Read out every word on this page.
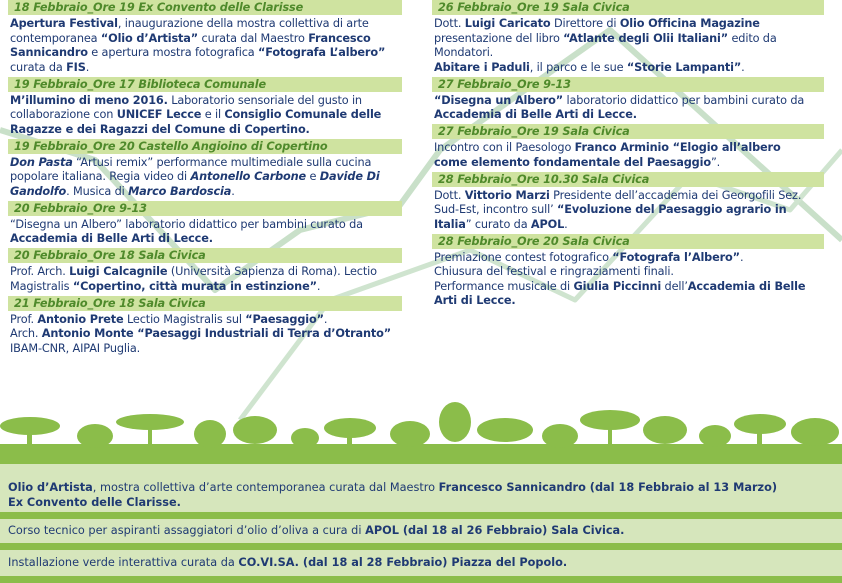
18 Febbraio_Ore 19 Ex Convento delle Clarisse
Apertura Festival, inaugurazione della mostra collettiva di arte
contemporanea “Olio d’Artista” curata dal Maestro Francesco
Sannicandro e apertura mostra fotografica “Fotografa L’albero”
curata da FIS.
19 Febbraio_Ore 17 Biblioteca Comunale
M’illumino di meno 2016. Laboratorio sensoriale del gusto in
collaborazione con UNICEF Lecce e il Consiglio Comunale delle
Ragazze e dei Ragazzi del Comune di Copertino.
19 Febbraio_Ore 20 Castello Angioino di Copertino
Don Pasta “Artusi remix” performance multimediale sulla cucina
popolare italiana. Regia video di Antonello Carbone e Davide Di
Gandolfo. Musica di Marco Bardoscia.
20 Febbraio_Ore 9-13
“Disegna un Albero” laboratorio didattico per bambini curato da
Accademia di Belle Arti di Lecce.
20 Febbraio_Ore 18 Sala Civica
Prof. Arch. Luigi Calcagnile (Università Sapienza di Roma). Lectio
Magistralis “Copertino, città murata in estinzione”.
21 Febbraio_Ore 18 Sala Civica
Prof. Antonio Prete Lectio Magistralis sul “Paesaggio”.
Arch. Antonio Monte “Paesaggi Industriali di Terra d’Otranto”
IBAM-CNR, AIPAI Puglia.
26 Febbraio_Ore 19 Sala Civica
Dott. Luigi Caricato Direttore di Olio Officina Magazine
presentazione del libro “Atlante degli Olii Italiani” edito da
Mondatori.
Abitare i Paduli, il parco e le sue “Storie Lampanti”.
27 Febbraio_Ore 9-13
“Disegna un Albero” laboratorio didattico per bambini curato da
Accademia di Belle Arti di Lecce.
27 Febbraio_Ore 19 Sala Civica
Incontro con il Paesologo Franco Arminio “Elogio all’albero
come elemento fondamentale del Paesaggio”.
28 Febbraio_Ore 10.30 Sala Civica
Dott. Vittorio Marzi Presidente dell’accademia dei Georgofili Sez.
Sud-Est, incontro sull’ “Evoluzione del Paesaggio agrario in
Italia” curato da APOL.
28 Febbraio_Ore 20 Sala Civica
Premiazione contest fotografico “Fotografa l’Albero”.
Chiusura del festival e ringraziamenti finali.
Performance musicale di Giulia Piccinni dell’Accademia di Belle
Arti di Lecce.
Olio d’Artista, mostra collettiva d’arte contemporanea curata dal Maestro Francesco Sannicandro (dal 18 Febbraio al 13 Marzo)
Ex Convento delle Clarisse.
Corso tecnico per aspiranti assaggiatori d’olio d’oliva a cura di APOL (dal 18 al 26 Febbraio) Sala Civica.
Installazione verde interattiva curata da CO.VI.SA. (dal 18 al 28 Febbraio) Piazza del Popolo.
